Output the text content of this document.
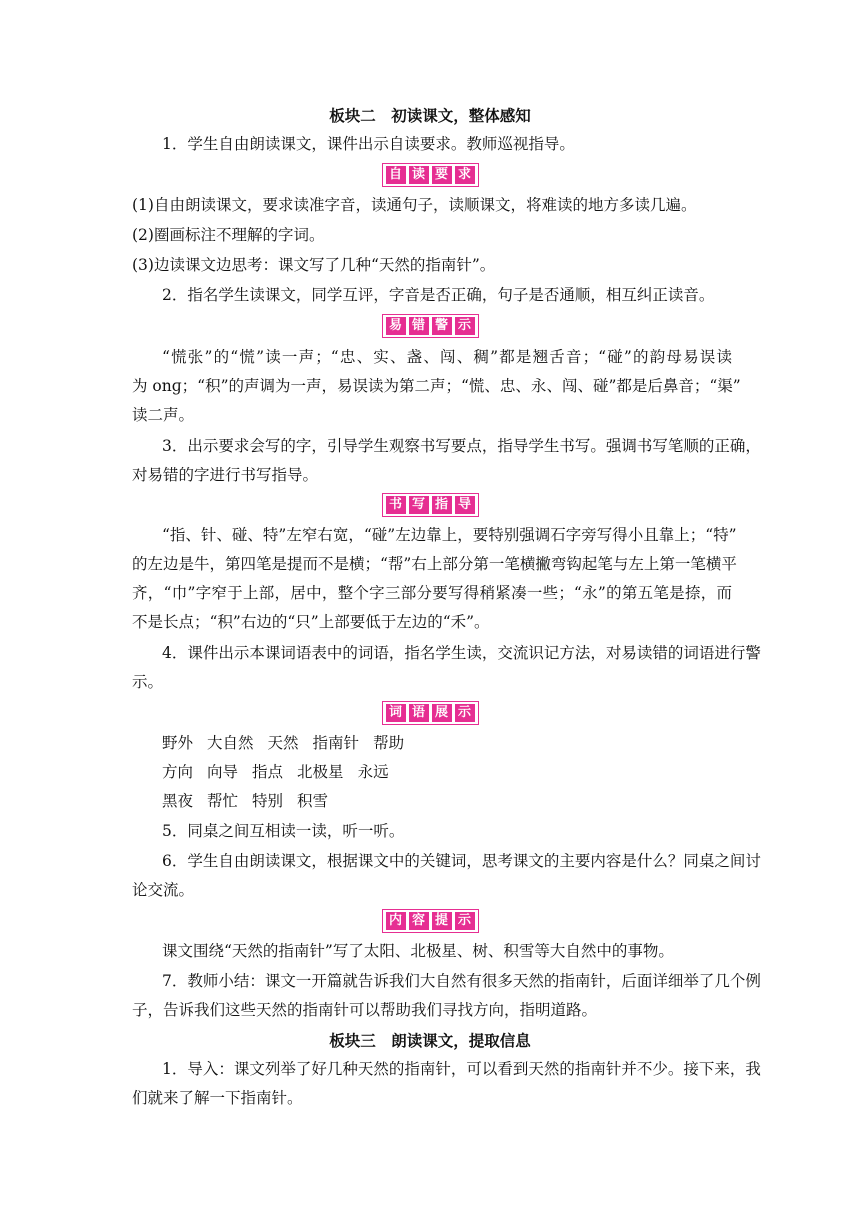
板块二　初读课文，整体感知
1．学生自由朗读课文，课件出示自读要求。教师巡视指导。
自 读 要 求
(1)自由朗读课文，要求读准字音，读通句子，读顺课文，将难读的地方多读几遍。
(2)圈画标注不理解的字词。
(3)边读课文边思考：课文写了几种“天然的指南针”。
2．指名学生读课文，同学互评，字音是否正确，句子是否通顺，相互纠正读音。
易 错 警 示
“慌张”的“慌”读一声；“忠、实、盏、闯、稠”都是翘舌音；“碰”的韵母易误读
为 onɡ；“积”的声调为一声，易误读为第二声；“慌、忠、永、闯、碰”都是后鼻音；“渠”
读二声。
3．出示要求会写的字，引导学生观察书写要点，指导学生书写。强调书写笔顺的正确，
对易错的字进行书写指导。
书 写 指 导
“指、针、碰、特”左窄右宽，“碰”左边靠上，要特别强调石字旁写得小且靠上；“特”
的左边是牛，第四笔是提而不是横；“帮”右上部分第一笔横撇弯钩起笔与左上第一笔横平
齐，“巾”字窄于上部，居中，整个字三部分要写得稍紧凑一些；“永”的第五笔是捺，而
不是长点；“积”右边的“只”上部要低于左边的“禾”。
4．课件出示本课词语表中的词语，指名学生读，交流识记方法，对易读错的词语进行警
示。
词 语 展 示
野外 大自然 天然 指南针 帮助
方向 向导 指点 北极星 永远
黑夜 帮忙 特别 积雪
5．同桌之间互相读一读，听一听。
6．学生自由朗读课文，根据课文中的关键词，思考课文的主要内容是什么？同桌之间讨
论交流。
内 容 提 示
课文围绕“天然的指南针”写了太阳、北极星、树、积雪等大自然中的事物。
7．教师小结：课文一开篇就告诉我们大自然有很多天然的指南针，后面详细举了几个例
子，告诉我们这些天然的指南针可以帮助我们寻找方向，指明道路。
板块三　朗读课文，提取信息
1．导入：课文列举了好几种天然的指南针，可以看到天然的指南针并不少。接下来，我
们就来了解一下指南针。
